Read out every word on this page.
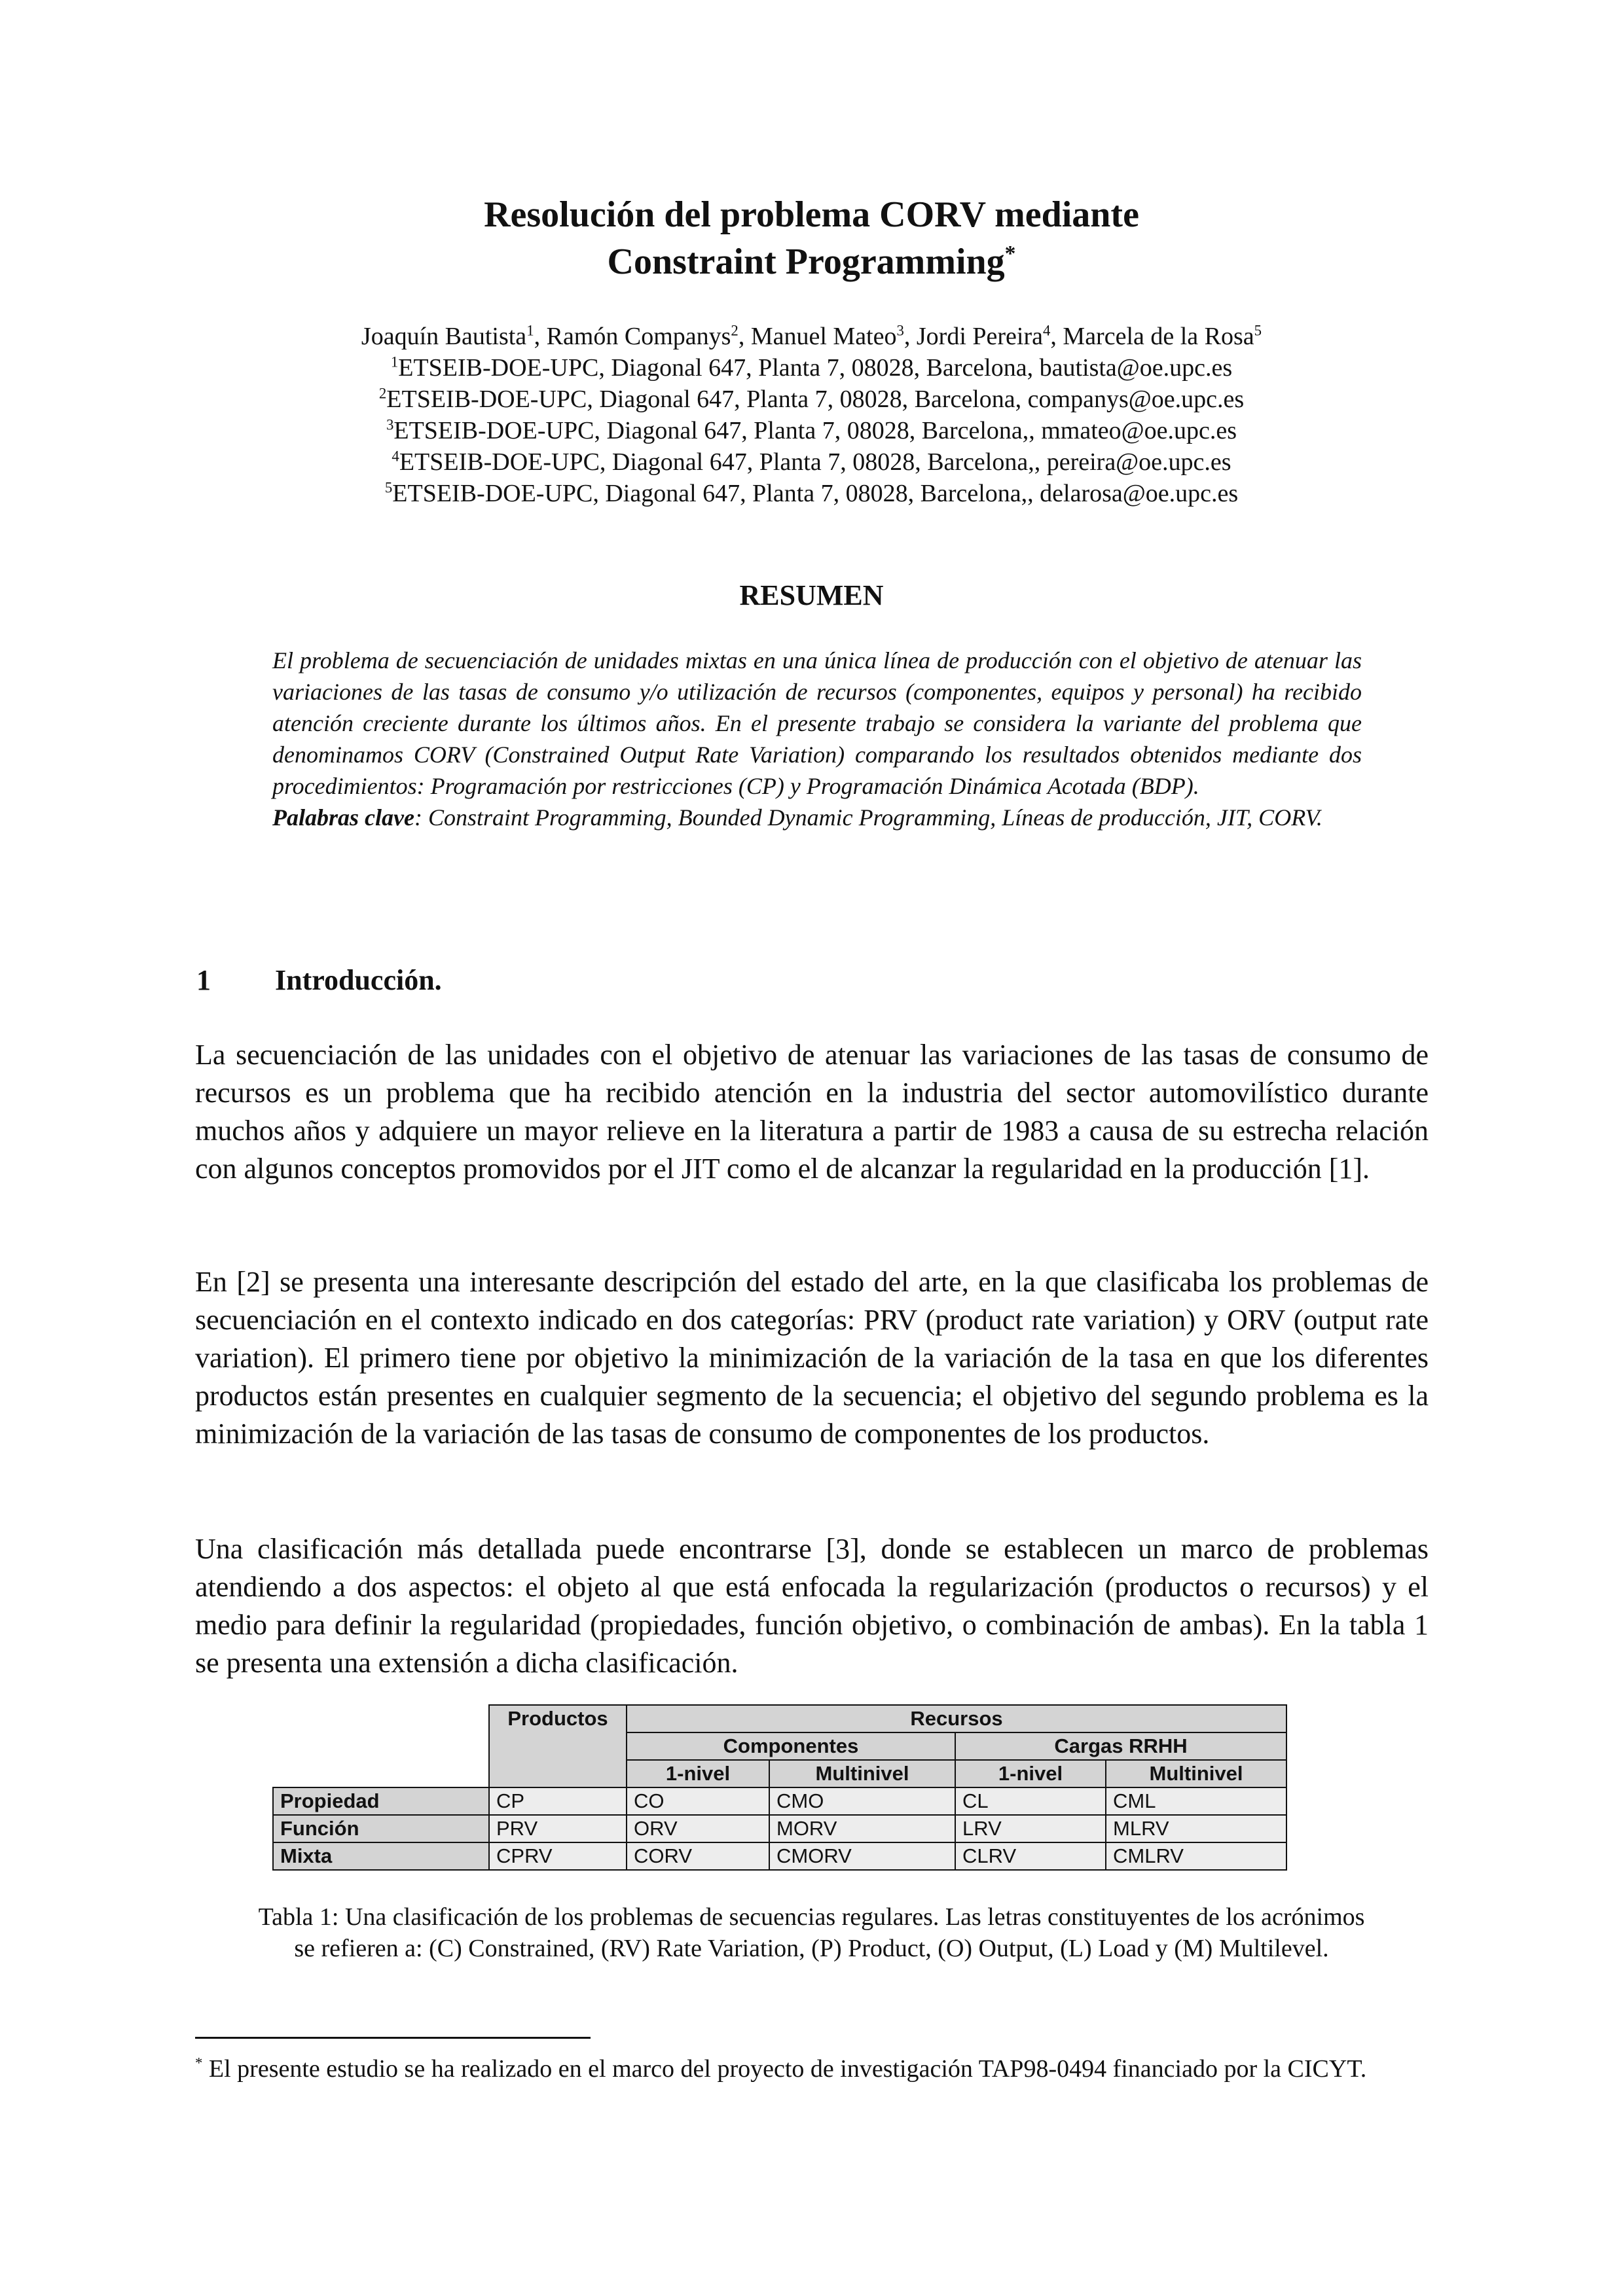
Resolución del problema CORV mediante
Constraint Programming*
Joaquín Bautista$^1$, Ramón Companys$^2$, Manuel Mateo$^3$, Jordi Pereira$^4$, Marcela de la Rosa$^5$
$^1$ETSEIB-DOE-UPC, Diagonal 647, Planta 7, 08028, Barcelona, bautista@oe.upc.es
$^2$ETSEIB-DOE-UPC, Diagonal 647, Planta 7, 08028, Barcelona, companys@oe.upc.es
$^3$ETSEIB-DOE-UPC, Diagonal 647, Planta 7, 08028, Barcelona,, mmateo@oe.upc.es
$^4$ETSEIB-DOE-UPC, Diagonal 647, Planta 7, 08028, Barcelona,, pereira@oe.upc.es
$^5$ETSEIB-DOE-UPC, Diagonal 647, Planta 7, 08028, Barcelona,, delarosa@oe.upc.es
RESUMEN

El problema de secuenciación de unidades mixtas en una única línea de producción con el objetivo de atenuar las variaciones de las tasas de consumo y/o utilización de recursos (componentes, equipos y personal) ha recibido atención creciente durante los últimos años. En el presente trabajo se considera la variante del problema que denominamos CORV (Constrained Output Rate Variation) comparando los resultados obtenidos mediante dos procedimientos: Programación por restricciones (CP) y Programación Dinámica Acotada (BDP).

Palabras clave: Constraint Programming, Bounded Dynamic Programming, Líneas de producción, JIT, CORV.

1 Introducción.

La secuenciación de las unidades con el objetivo de atenuar las variaciones de las tasas de consumo de recursos es un problema que ha recibido atención en la industria del sector automovilístico durante muchos años y adquiere un mayor relieve en la literatura a partir de 1983 a causa de su estrecha relación con algunos conceptos promovidos por el JIT como el de alcanzar la regularidad en la producción [1].

En [2] se presenta una interesante descripción del estado del arte, en la que clasificaba los problemas de secuenciación en el contexto indicado en dos categorías: PRV (product rate variation) y ORV (output rate variation). El primero tiene por objetivo la minimización de la variación de la tasa en que los diferentes productos están presentes en cualquier segmento de la secuencia; el objetivo del segundo problema es la minimización de la variación de las tasas de consumo de componentes de los productos.

Una clasificación más detallada puede encontrarse [3], donde se establecen un marco de problemas atendiendo a dos aspectos: el objeto al que está enfocada la regularización (productos o recursos) y el medio para definir la regularidad (propiedades, función objetivo, o combinación de ambas). En la tabla 1 se presenta una extensión a dicha clasificación.

	Productos	Recursos			
		Componentes		Cargas RRHH	
		1-nivel	Multinivel	1-nivel	Multinivel
Propiedad	CP	CO	CMO	CL	CML
Función	PRV	ORV	MORV	LRV	MLRV
Mixta	CPRV	CORV	CMORV	CLRV	CMLRV
Tabla 1: Una clasificación de los problemas de secuencias regulares. Las letras constituyentes de los acrónimos
se refieren a: (C) Constrained, (RV) Rate Variation, (P) Product, (O) Output, (L) Load y (M) Multilevel.

* El presente estudio se ha realizado en el marco del proyecto de investigación TAP98-0494 financiado por la CICYT.
